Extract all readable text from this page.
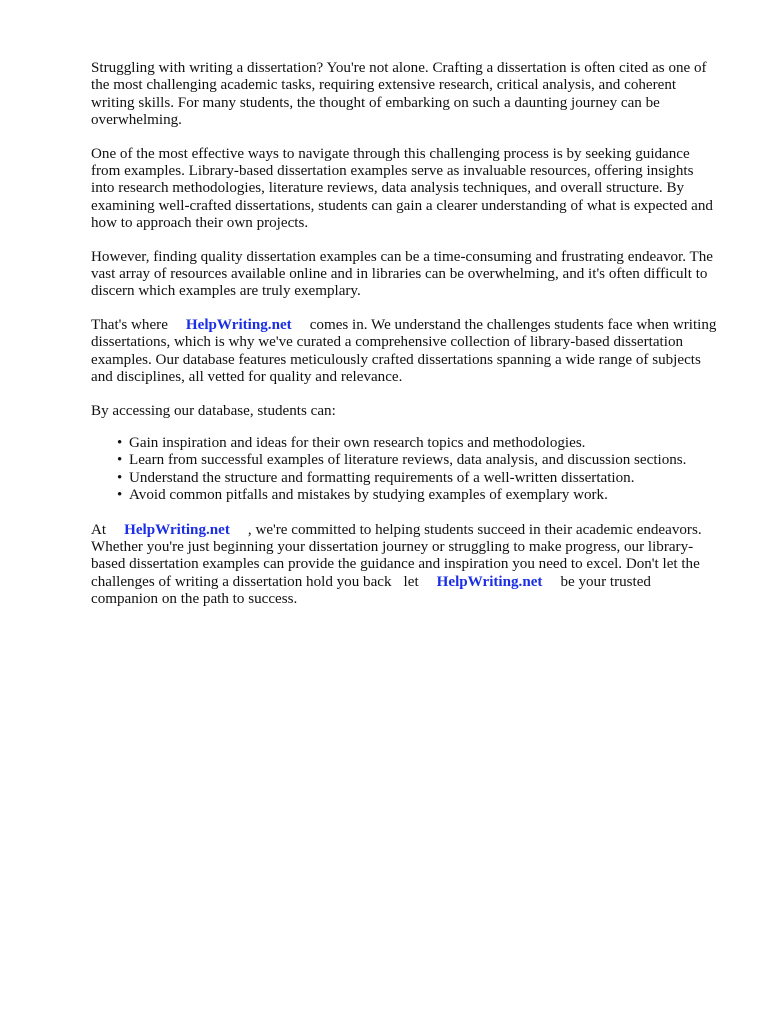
Struggling with writing a dissertation? You're not alone. Crafting a dissertation is often cited as one of the most challenging academic tasks, requiring extensive research, critical analysis, and coherent writing skills. For many students, the thought of embarking on such a daunting journey can be overwhelming.

One of the most effective ways to navigate through this challenging process is by seeking guidance from examples. Library-based dissertation examples serve as invaluable resources, offering insights into research methodologies, literature reviews, data analysis techniques, and overall structure. By examining well-crafted dissertations, students can gain a clearer understanding of what is expected and how to approach their own projects.

However, finding quality dissertation examples can be a time-consuming and frustrating endeavor. The vast array of resources available online and in libraries can be overwhelming, and it's often difficult to discern which examples are truly exemplary.

That's where HelpWriting.net comes in. We understand the challenges students face when writing dissertations, which is why we've curated a comprehensive collection of library-based dissertation examples. Our database features meticulously crafted dissertations spanning a wide range of subjects and disciplines, all vetted for quality and relevance.

By accessing our database, students can:

• Gain inspiration and ideas for their own research topics and methodologies.
• Learn from successful examples of literature reviews, data analysis, and discussion sections.
• Understand the structure and formatting requirements of a well-written dissertation.
• Avoid common pitfalls and mistakes by studying examples of exemplary work.

At HelpWriting.net , we're committed to helping students succeed in their academic endeavors. Whether you're just beginning your dissertation journey or struggling to make progress, our library-based dissertation examples can provide the guidance and inspiration you need to excel. Don't let the challenges of writing a dissertation hold you back let HelpWriting.net be your trusted companion on the path to success.
